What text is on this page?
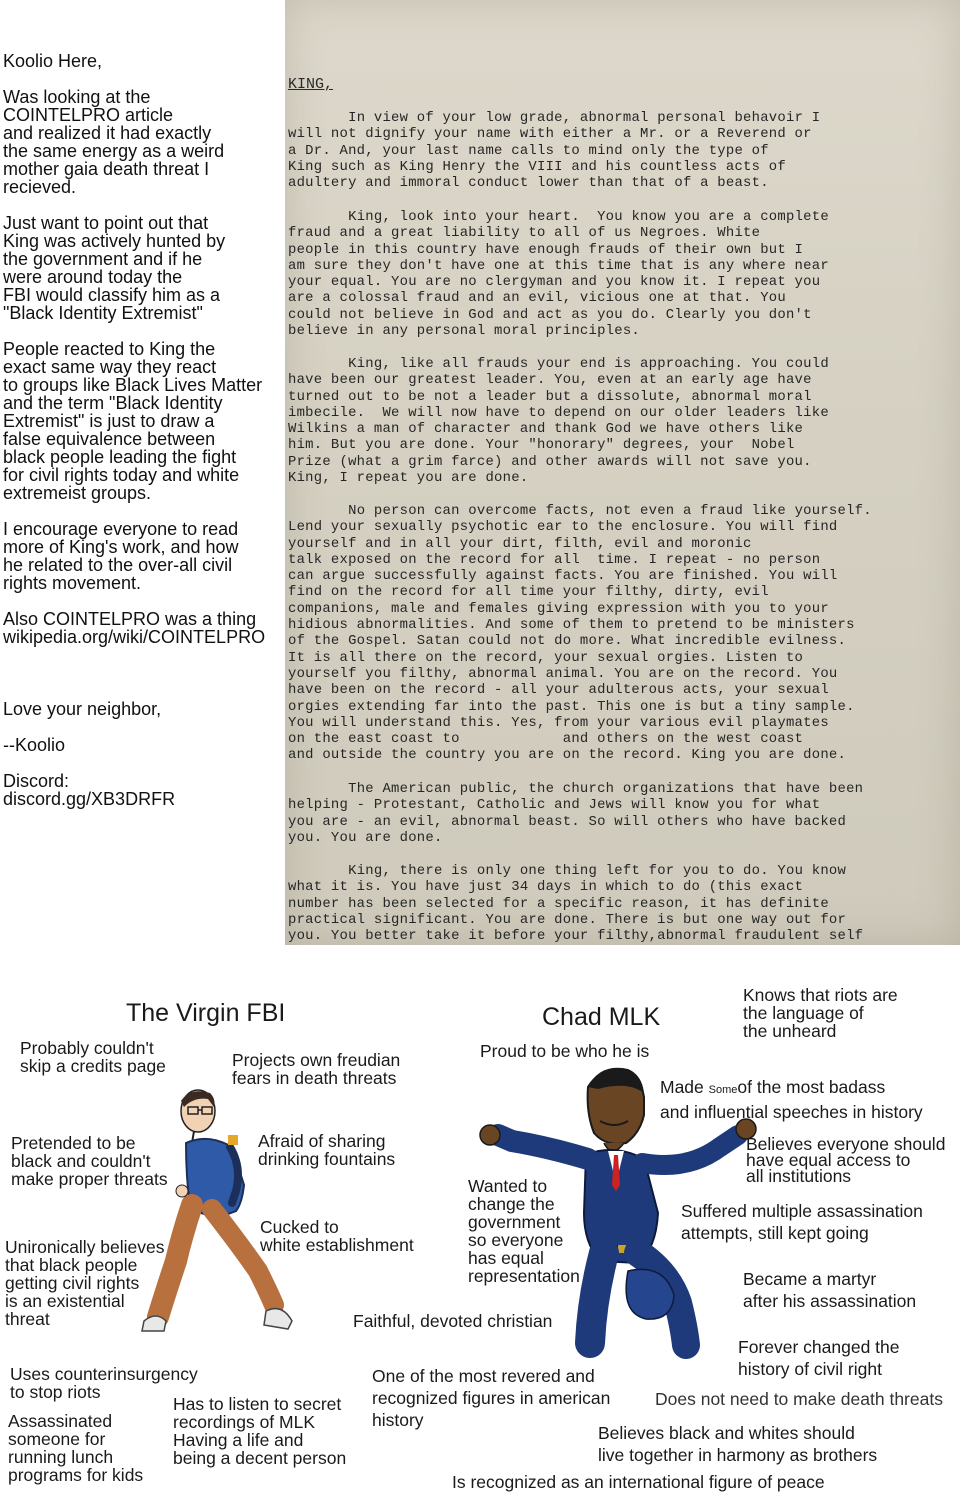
Koolio Here,
Was looking at the
COINTELPRO article
and realized it had exactly
the same energy as a weird
mother gaia death threat I
recieved.
Just want to point out that
King was actively hunted by
the government and if he
were around today the
FBI would classify him as a
"Black Identity Extremist"
People reacted to King the
exact same way they react
to groups like Black Lives Matter
and the term "Black Identity
Extremist" is just to draw a
false equivalence between
black people leading the fight
for civil rights today and white
extremeist groups.
I encourage everyone to read
more of King's work, and how
he related to the over-all civil
rights movement.
Also COINTELPRO was a thing
wikipedia.org/wiki/COINTELPRO
Love your neighbor,
--Koolio
Discord:
discord.gg/XB3DRFR
KING,
In view of your low grade, abnormal personal behavoir I
will not dignify your name with either a Mr. or a Reverend or
a Dr. And, your last name calls to mind only the type of
King such as King Henry the VIII and his countless acts of
adultery and immoral conduct lower than that of a beast.
King, look into your heart.  You know you are a complete
fraud and a great liability to all of us Negroes. White
people in this country have enough frauds of their own but I
am sure they don't have one at this time that is any where near
your equal. You are no clergyman and you know it. I repeat you
are a colossal fraud and an evil, vicious one at that. You
could not believe in God and act as you do. Clearly you don't
believe in any personal moral principles.
King, like all frauds your end is approaching. You could
have been our greatest leader. You, even at an early age have
turned out to be not a leader but a dissolute, abnormal moral
imbecile.  We will now have to depend on our older leaders like
Wilkins a man of character and thank God we have others like
him. But you are done. Your "honorary" degrees, your  Nobel
Prize (what a grim farce) and other awards will not save you.
King, I repeat you are done.
No person can overcome facts, not even a fraud like yourself.
Lend your sexually psychotic ear to the enclosure. You will find
yourself and in all your dirt, filth, evil and moronic
talk exposed on the record for all  time. I repeat - no person
can argue successfully against facts. You are finished. You will
find on the record for all time your filthy, dirty, evil
companions, male and females giving expression with you to your
hidious abnormalities. And some of them to pretend to be ministers
of the Gospel. Satan could not do more. What incredible evilness.
It is all there on the record, your sexual orgies. Listen to
yourself you filthy, abnormal animal. You are on the record. You
have been on the record - all your adulterous acts, your sexual
orgies extending far into the past. This one is but a tiny sample.
You will understand this. Yes, from your various evil playmates
on the east coast to            and others on the west coast
and outside the country you are on the record. King you are done.
The American public, the church organizations that have been
helping - Protestant, Catholic and Jews will know you for what
you are - an evil, abnormal beast. So will others who have backed
you. You are done.
King, there is only one thing left for you to do. You know
what it is. You have just 34 days in which to do (this exact
number has been selected for a specific reason, it has definite
practical significant. You are done. There is but one way out for
you. You better take it before your filthy,abnormal fraudulent self

The Virgin FBI
Probably couldn't
skip a credits page	Projects own freudian
fears in death threats
Pretended to be
black and couldn't
make proper threats
Afraid of sharing
drinking fountains
Cucked to
white establishment
Unironically believes
that black people
getting civil rights
is an existential
threat
Uses counterinsurgency
to stop riots
Assassinated
someone for
running lunch
programs for kids
Has to listen to secret
recordings of MLK
Having a life and
being a decent person
Chad MLK
Knows that riots are
the language of
the unheard
Proud to be who he is
Made Someof the most badass
and influential speeches in history
Believes everyone should
have equal access to
all institutions
Wanted to
change the
government
so everyone
has equal
representation
Suffered multiple assassination
attempts, still kept going
Became a martyr
after his assassination
Faithful, devoted christian
Forever changed the
history of civil right
One of the most revered and
recognized figures in american
history
Does not need to make death threats
Believes black and whites should
live together in harmony as brothers
Is recognized as an international figure of peace
